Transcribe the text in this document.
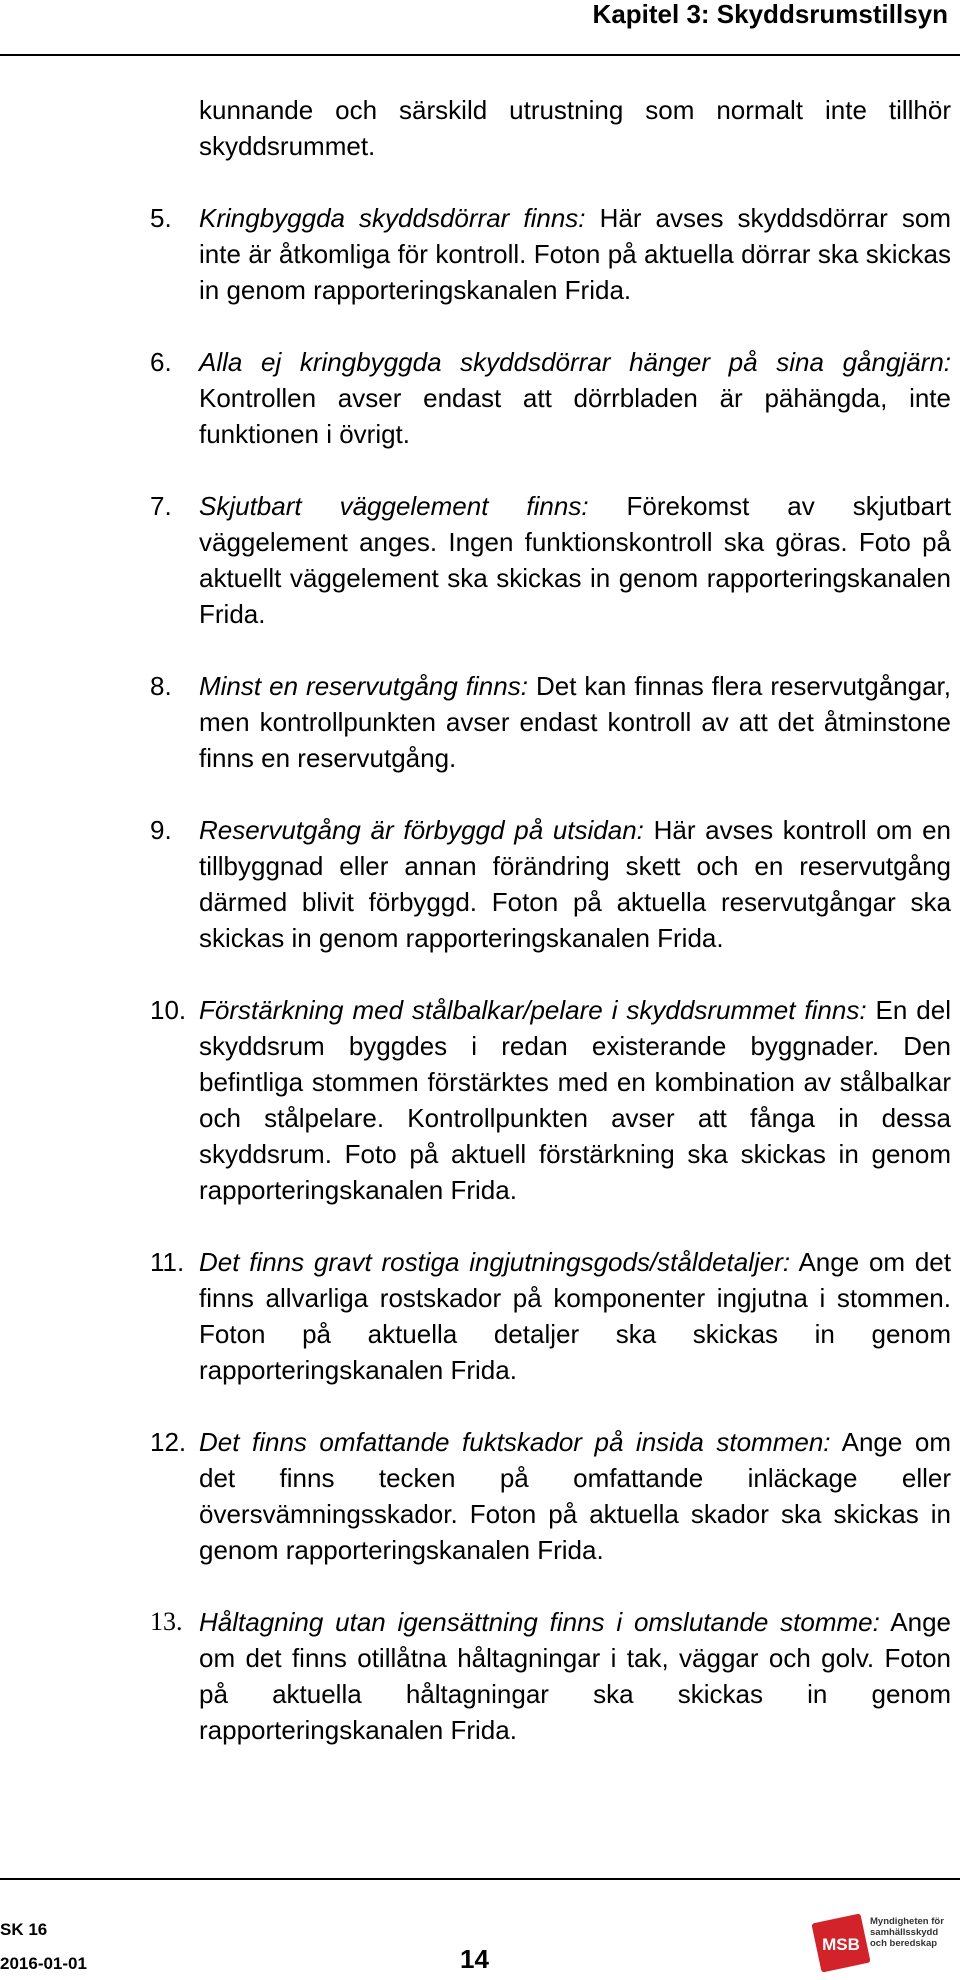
Kapitel 3: Skyddsrumstillsyn

kunnande och särskild utrustning som normalt inte tillhör skyddsrummet.

5. Kringbyggda skyddsdörrar finns: Här avses skyddsdörrar som inte är åtkomliga för kontroll. Foton på aktuella dörrar ska skickas in genom rapporteringskanalen Frida.
6. Alla ej kringbyggda skyddsdörrar hänger på sina gångjärn: Kontrollen avser endast att dörrbladen är pähängda, inte funktionen i övrigt.
7. Skjutbart väggelement finns: Förekomst av skjutbart väggelement anges. Ingen funktionskontroll ska göras. Foto på aktuellt väggelement ska skickas in genom rapporteringskanalen Frida.
8. Minst en reservutgång finns: Det kan finnas flera reservutgångar, men kontrollpunkten avser endast kontroll av att det åtminstone finns en reservutgång.
9. Reservutgång är förbyggd på utsidan: Här avses kontroll om en tillbyggnad eller annan förändring skett och en reservutgång därmed blivit förbyggd. Foton på aktuella reservutgångar ska skickas in genom rapporteringskanalen Frida.
10. Förstärkning med stålbalkar/pelare i skyddsrummet finns: En del skyddsrum byggdes i redan existerande byggnader. Den befintliga stommen förstärktes med en kombination av stålbalkar och stålpelare. Kontrollpunkten avser att fånga in dessa skyddsrum. Foto på aktuell förstärkning ska skickas in genom rapporteringskanalen Frida.
11. Det finns gravt rostiga ingjutningsgods/ståldetaljer: Ange om det finns allvarliga rostskador på komponenter ingjutna i stommen. Foton på aktuella detaljer ska skickas in genom rapporteringskanalen Frida.
12. Det finns omfattande fuktskador på insida stommen: Ange om det finns tecken på omfattande inläckage eller översvämningsskador. Foton på aktuella skador ska skickas in genom rapporteringskanalen Frida.
13. Håltagning utan igensättning finns i omslutande stomme: Ange om det finns otillåtna håltagningar i tak, väggar och golv. Foton på aktuella håltagningar ska skickas in genom rapporteringskanalen Frida.
SK 16
2016-01-01	14	MSB
Myndigheten för
samhällsskydd
och beredskap
